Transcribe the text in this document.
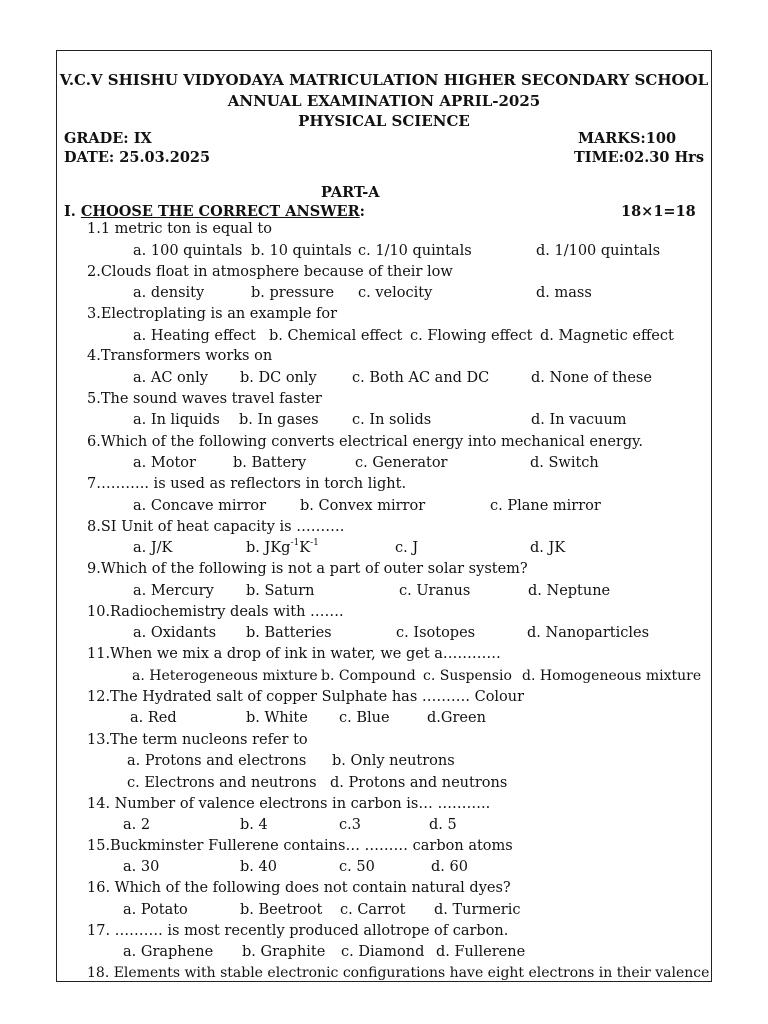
V.C.V SHISHU VIDYODAYA MATRICULATION HIGHER SECONDARY SCHOOL
ANNUAL EXAMINATION APRIL-2025
PHYSICAL SCIENCE
GRADE: IX	MARKS:100
DATE: 25.03.2025	TIME:02.30 Hrs
PART-A
I. CHOOSE THE CORRECT ANSWER:	18×1=18
1.1 metric ton is equal to
a. 100 quintals b. 10 quintals c. 1/10 quintals	d. 1/100 quintals
2.Clouds float in atmosphere because of their low
a. density	b. pressure c. velocity	d. mass
3.Electroplating is an example for
a. Heating effect b. Chemical effect c. Flowing effect d. Magnetic effect
4.Transformers works on
a. AC only b. DC only c. Both AC and DC	d. None of these
5.The sound waves travel faster
a. In liquids b. In gases c. In solids	d. In vacuum
6.Which of the following converts electrical energy into mechanical energy.
a. Motor	b. Battery	c. Generator	d. Switch
7……….. is used as reflectors in torch light.
a. Concave mirror b. Convex mirror	c. Plane mirror
8.SI Unit of heat capacity is ……….
a. J/K	b. $JKg^{-1}K^{-1}$	c. J	d. JK
9.Which of the following is not a part of outer solar system?
a. Mercury b. Saturn	c. Uranus	d. Neptune
10.Radiochemistry deals with …….
a. Oxidants b. Batteries	c. Isotopes	d. Nanoparticles
11.When we mix a drop of ink in water, we get a…………
a. Heterogeneous mixture b. Compound c. Suspensio d. Homogeneous mixture
12.The Hydrated salt of copper Sulphate has ………. Colour
a. Red	b. White c. Blue	d.Green
13.The term nucleons refer to
a. Protons and electrons b. Only neutrons
c. Electrons and neutrons d. Protons and neutrons
14. Number of valence electrons in carbon is… ………..
a. 2	b. 4	c.3	d. 5
15.Buckminster Fullerene contains… ……… carbon atoms
a. 30	b. 40	c. 50	d. 60
16. Which of the following does not contain natural dyes?
a. Potato	b. Beetroot c. Carrot d. Turmeric
17. ………. is most recently produced allotrope of carbon.
a. Graphene b. Graphite c. Diamond d. Fullerene
18. Elements with stable electronic configurations have eight electrons in their valence
